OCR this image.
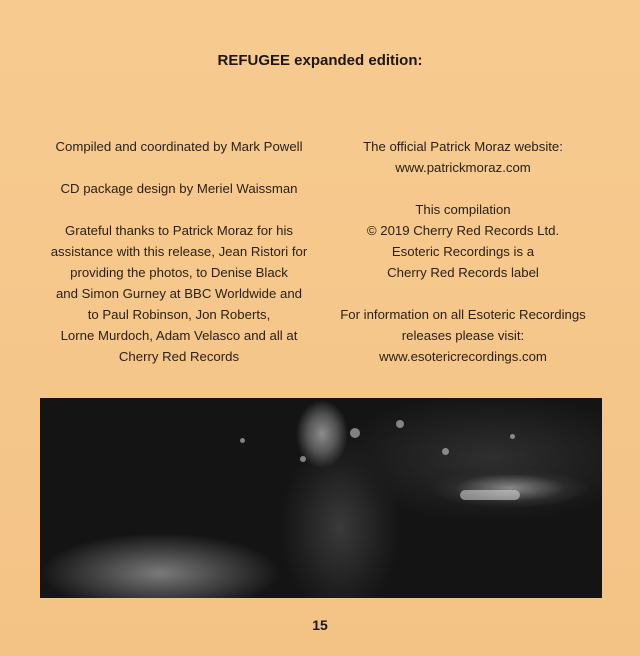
REFUGEE expanded edition:
Compiled and coordinated by Mark Powell
CD package design by Meriel Waissman
Grateful thanks to Patrick Moraz for his
assistance with this release, Jean Ristori for
providing the photos, to Denise Black
and Simon Gurney at BBC Worldwide and
to Paul Robinson, Jon Roberts,
Lorne Murdoch, Adam Velasco and all at
Cherry Red Records
The official Patrick Moraz website:
www.patrickmoraz.com
This compilation
© 2019 Cherry Red Records Ltd.
Esoteric Recordings is a
Cherry Red Records label
For information on all Esoteric Recordings
releases please visit:
www.esotericrecordings.com
15
